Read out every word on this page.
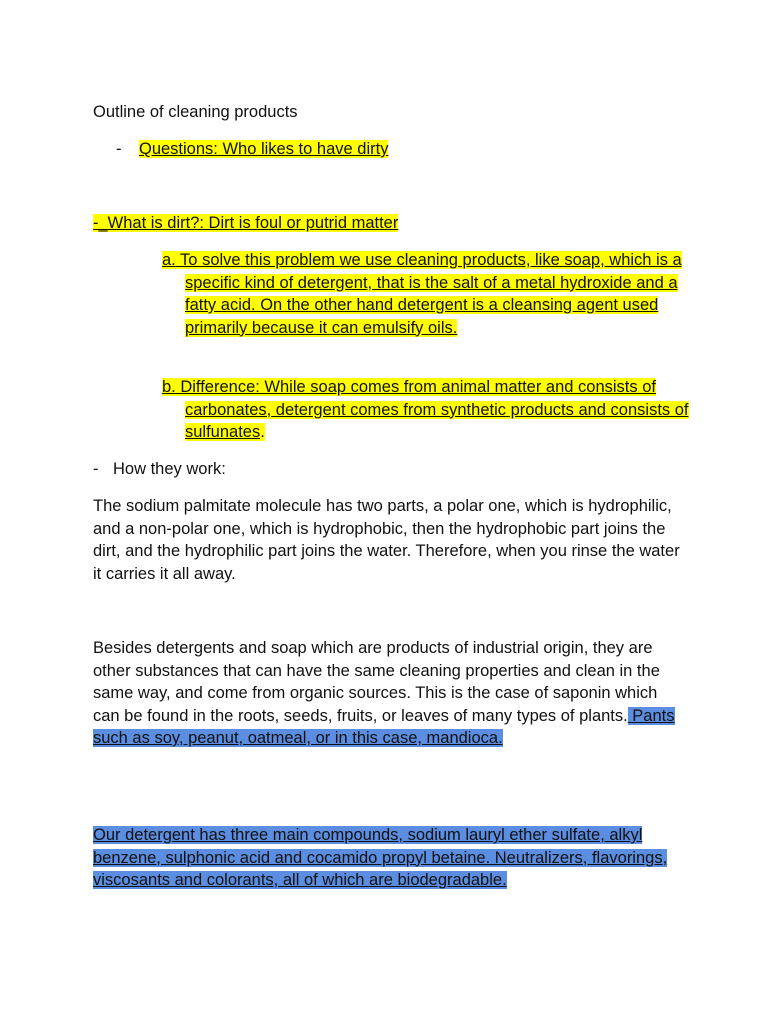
Outline of cleaning products

- Questions: Who likes to have dirty

-_What is dirt?: Dirt is foul or putrid matter

a. To solve this problem we use cleaning products, like soap, which is a specific kind of detergent, that is the salt of a metal hydroxide and a fatty acid. On the other hand detergent is a cleansing agent used primarily because it can emulsify oils.

b. Difference: While soap comes from animal matter and consists of carbonates, detergent comes from synthetic products and consists of sulfunates.

- How they work:

The sodium palmitate molecule has two parts, a polar one, which is hydrophilic, and a non-polar one, which is hydrophobic, then the hydrophobic part joins the dirt, and the hydrophilic part joins the water. Therefore, when you rinse the water it carries it all away.

Besides detergents and soap which are products of industrial origin, they are other substances that can have the same cleaning properties and clean in the same way, and come from organic sources. This is the case of saponin which can be found in the roots, seeds, fruits, or leaves of many types of plants. Pants such as soy, peanut, oatmeal, or in this case, mandioca.

Our detergent has three main compounds, sodium lauryl ether sulfate, alkyl benzene, sulphonic acid and cocamido propyl betaine. Neutralizers, flavorings, viscosants and colorants, all of which are biodegradable.
